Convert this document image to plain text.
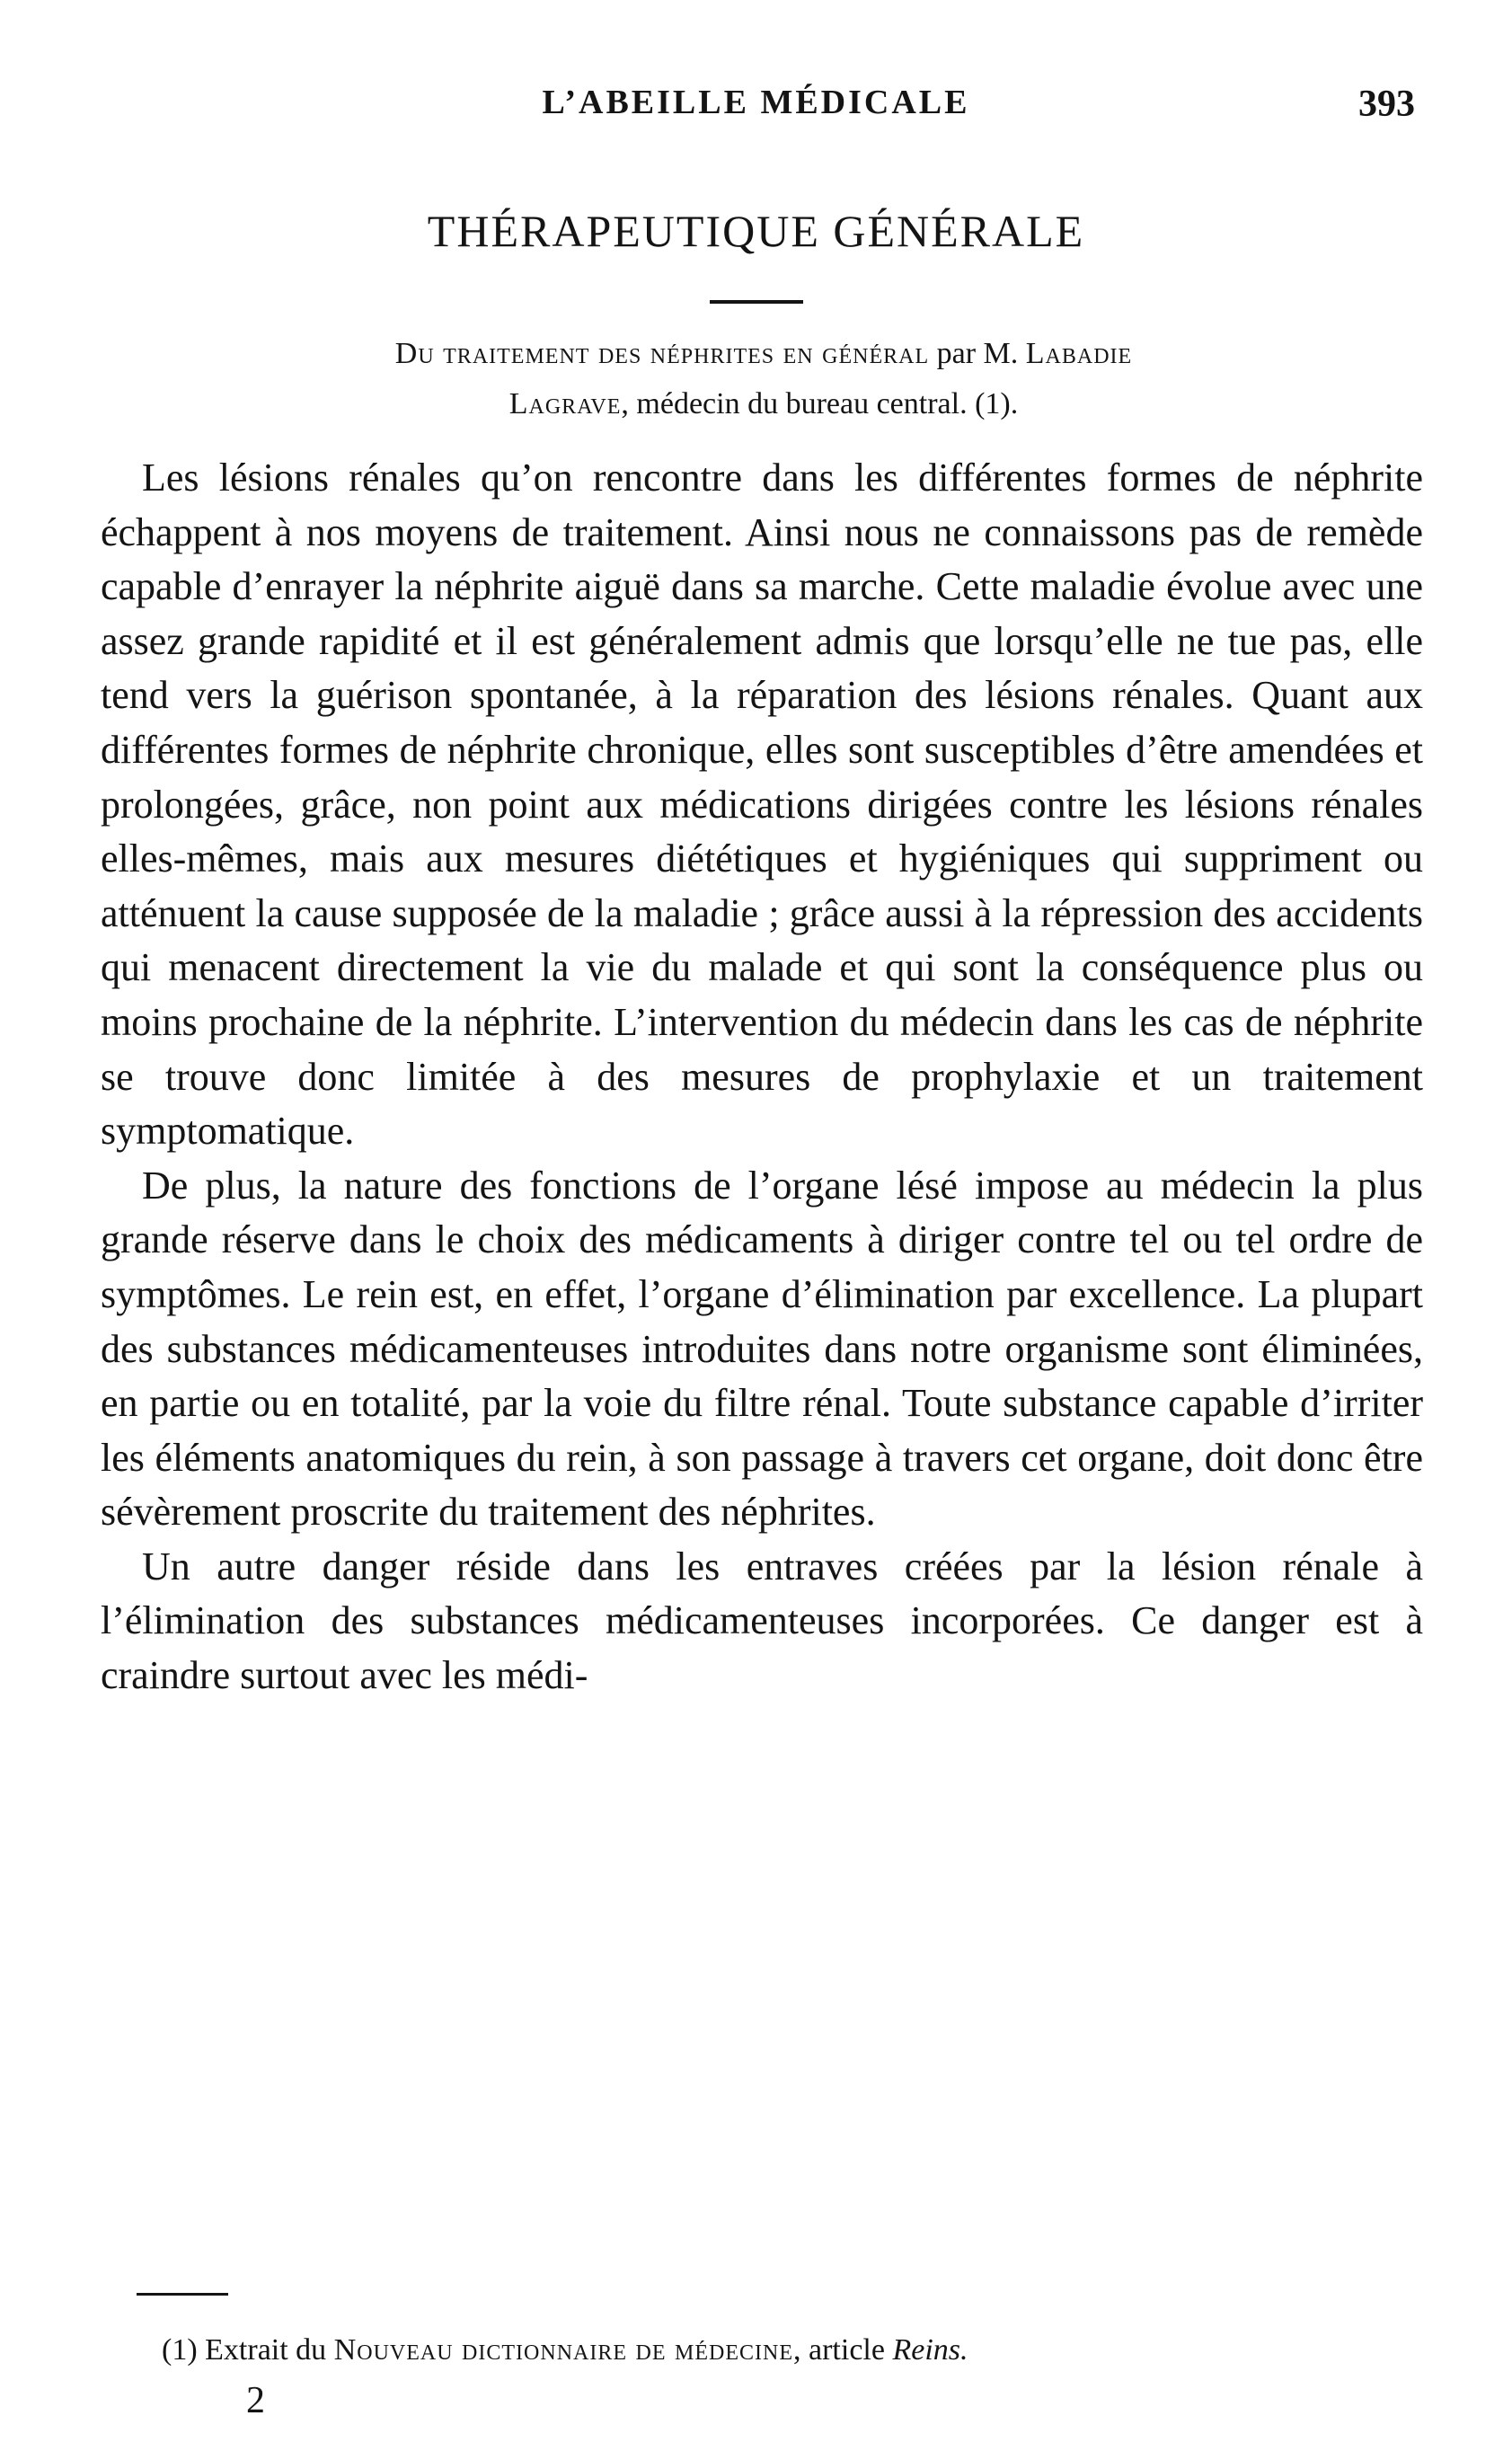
L’ABEILLE MÉDICALE	393
THÉRAPEUTIQUE GÉNÉRALE
Du traitement des néphrites en général par M. Labadie
Lagrave, médecin du bureau central. (1).

Les lésions rénales qu’on rencontre dans les différentes formes de néphrite échappent à nos moyens de traitement. Ainsi nous ne connaissons pas de remède capable d’enrayer la néphrite aiguë dans sa marche. Cette maladie évolue avec une assez grande rapidité et il est généralement admis que lorsqu’elle ne tue pas, elle tend vers la guérison spontanée, à la réparation des lésions rénales. Quant aux différentes formes de néphrite chronique, elles sont susceptibles d’être amendées et prolongées, grâce, non point aux médications dirigées contre les lésions rénales elles-mêmes, mais aux mesures diététiques et hygiéniques qui suppriment ou atténuent la cause supposée de la maladie ; grâce aussi à la répression des accidents qui menacent directement la vie du malade et qui sont la conséquence plus ou moins prochaine de la néphrite. L’intervention du médecin dans les cas de néphrite se trouve donc limitée à des mesures de prophylaxie et un traitement symptomatique.

De plus, la nature des fonctions de l’organe lésé impose au médecin la plus grande réserve dans le choix des médicaments à diriger contre tel ou tel ordre de symptômes. Le rein est, en effet, l’organe d’élimination par excellence. La plupart des substances médicamenteuses introduites dans notre organisme sont éliminées, en partie ou en totalité, par la voie du filtre rénal. Toute substance capable d’irriter les éléments anatomiques du rein, à son passage à travers cet organe, doit donc être sévèrement proscrite du traitement des néphrites.

Un autre danger réside dans les entraves créées par la lésion rénale à l’élimination des substances médicamenteuses incorporées. Ce danger est à craindre surtout avec les médi-

(1) Extrait du Nouveau dictionnaire de médecine, article Reins.
2
